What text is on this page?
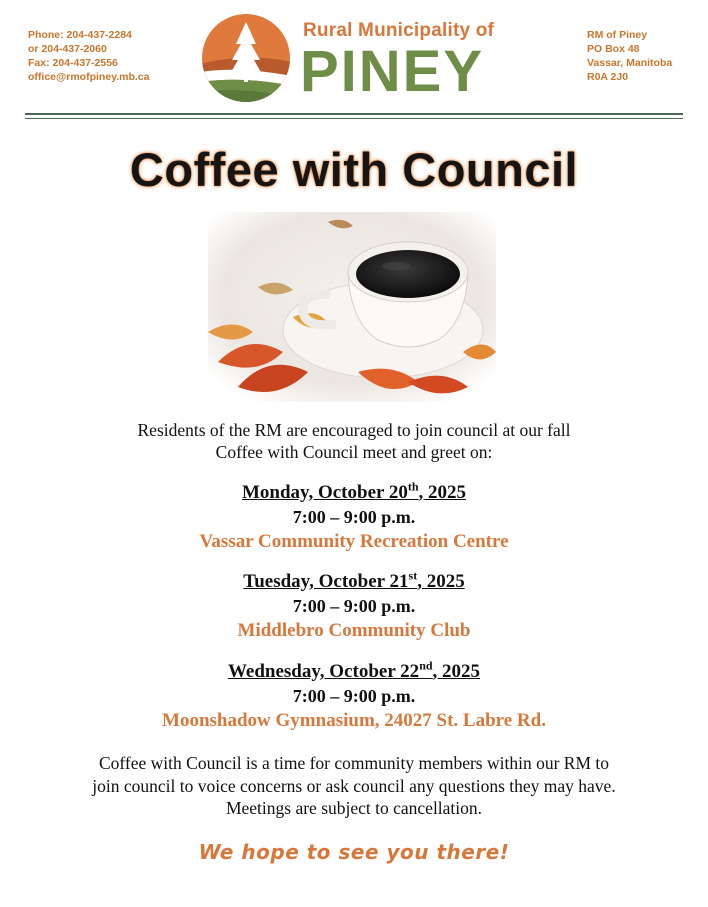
Phone: 204-437-2284
or 204-437-2060
Fax: 204-437-2556
office@rmofpiney.mb.ca
Rural Municipality of
PINEY
RM of Piney
PO Box 48
Vassar, Manitoba
R0A 2J0
Coffee with Council
Residents of the RM are encouraged to join council at our fall
Coffee with Council meet and greet on:
Monday, October 20th, 2025
7:00 – 9:00 p.m.
Vassar Community Recreation Centre
Tuesday, October 21st, 2025
7:00 – 9:00 p.m.
Middlebro Community Club
Wednesday, October 22nd, 2025
7:00 – 9:00 p.m.
Moonshadow Gymnasium, 24027 St. Labre Rd.
Coffee with Council is a time for community members within our RM to
join council to voice concerns or ask council any questions they may have.
Meetings are subject to cancellation.
We hope to see you there!
